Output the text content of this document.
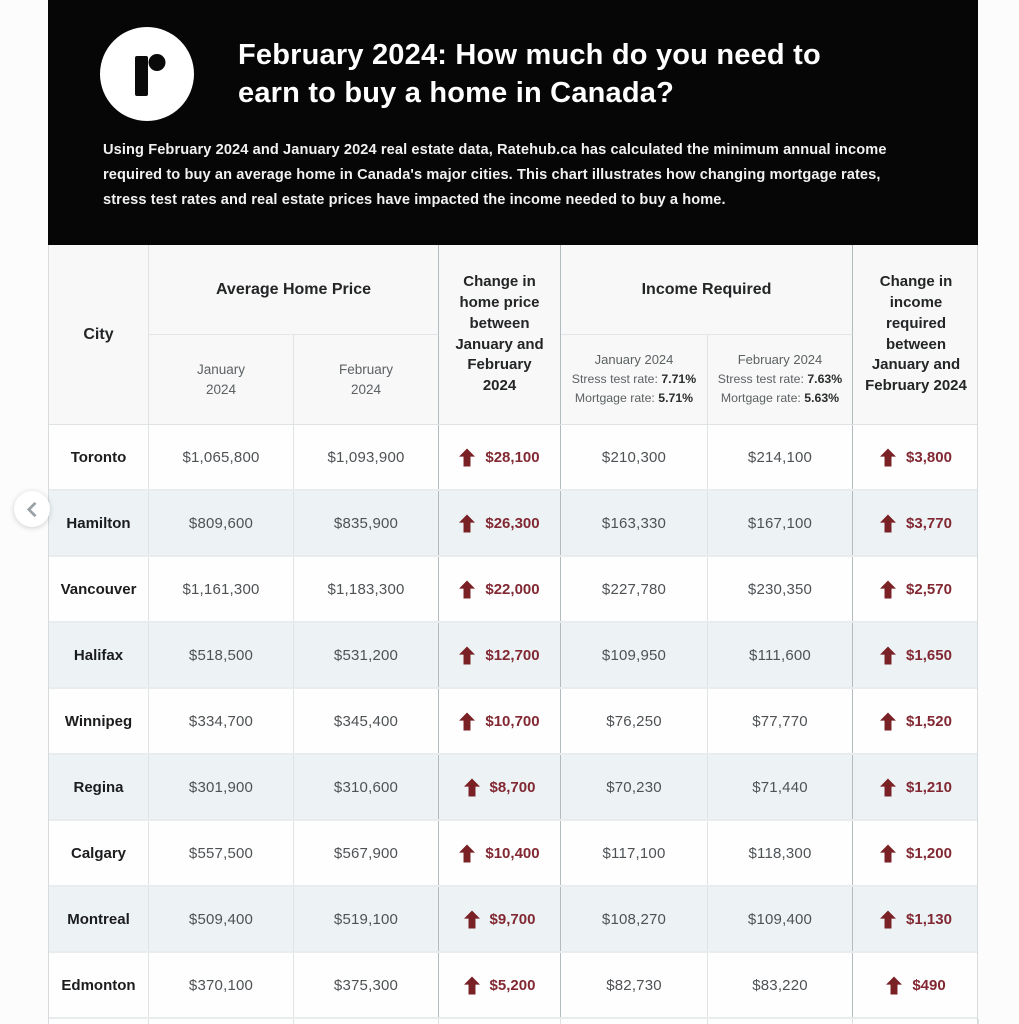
February 2024: How much do you need to earn to buy a home in Canada?
Using February 2024 and January 2024 real estate data, Ratehub.ca has calculated the minimum annual income required to buy an average home in Canada's major cities. This chart illustrates how changing mortgage rates, stress test rates and real estate prices have impacted the income needed to buy a home.
City
Average Home Price	Change in home price between January and February 2024
Income Required	Change in income required between January and February 2024
January 2024
February 2024
January 2024
Stress test rate: 7.71%
Mortgage rate: 5.71%
February 2024
Stress test rate: 7.63%
Mortgage rate: 5.63%
Toronto	$1,065,800	$1,093,900	$28,100	$210,300	$214,100	$3,800
Hamilton	$809,600	$835,900	$26,300	$163,330	$167,100	$3,770
Vancouver	$1,161,300	$1,183,300	$22,000	$227,780	$230,350	$2,570
Halifax	$518,500	$531,200	$12,700	$109,950	$111,600	$1,650
Winnipeg	$334,700	$345,400	$10,700	$76,250	$77,770	$1,520
Regina	$301,900	$310,600	$8,700	$70,230	$71,440	$1,210
Calgary	$557,500	$567,900	$10,400	$117,100	$118,300	$1,200
Montreal	$509,400	$519,100	$9,700	$108,270	$109,400	$1,130
Edmonton	$370,100	$375,300	$5,200	$82,730	$83,220	$490
